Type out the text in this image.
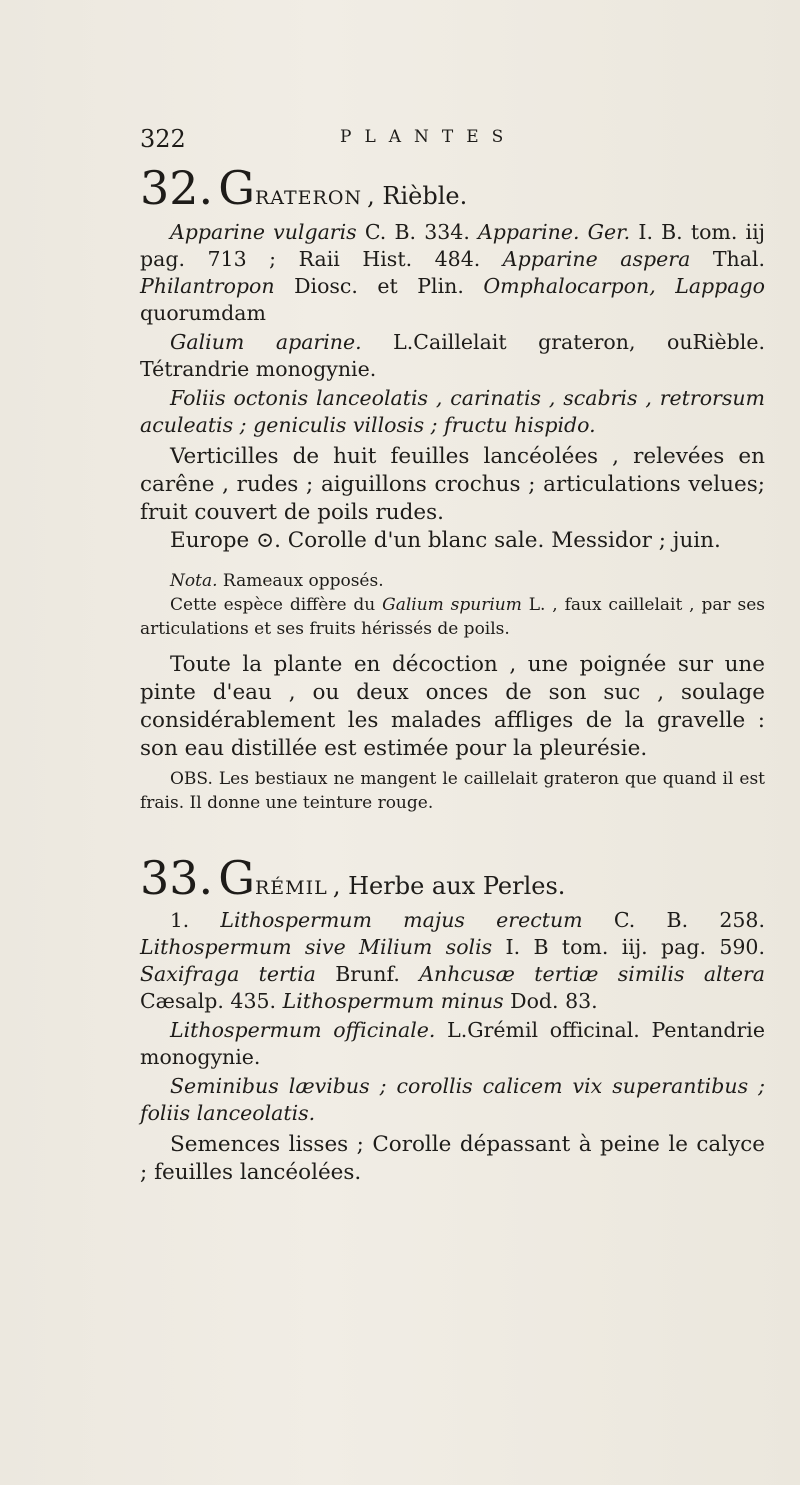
322	PLANTES
32. GRATERON , Rièble.

Apparine vulgaris C. B. 334. Apparine. Ger. I. B. tom. iij pag. 713 ; Raii Hist. 484. Apparine aspera Thal. Philantropon Diosc. et Plin. Omphalocarpon, Lappago quorumdam

Galium aparine. L.Caillelait grateron, ouRièble. Tétrandrie monogynie.

Foliis octonis lanceolatis , carinatis , scabris , retrorsum aculeatis ; geniculis villosis ; fructu hispido.

Verticilles de huit feuilles lancéolées , relevées en carêne , rudes ; aiguillons crochus ; articulations velues; fruit couvert de poils rudes.

Europe ⊙. Corolle d'un blanc sale. Messidor ; juin.

Nota. Rameaux opposés.

Cette espèce diffère du Galium spurium L. , faux caillelait , par ses articulations et ses fruits hérissés de poils.

Toute la plante en décoction , une poignée sur une pinte d'eau , ou deux onces de son suc , soulage considérablement les malades affliges de la gravelle : son eau distillée est estimée pour la pleurésie.

OBS. Les bestiaux ne mangent le caillelait grateron que quand il est frais. Il donne une teinture rouge.

33. GRÉMIL , Herbe aux Perles.

1. Lithospermum majus erectum C. B. 258. Lithospermum sive Milium solis I. B tom. iij. pag. 590. Saxifraga tertia Brunf. Anhcusæ tertiæ similis altera Cæsalp. 435. Lithospermum minus Dod. 83.

Lithospermum officinale. L.Grémil officinal. Pentandrie monogynie.

Seminibus lævibus ; corollis calicem vix superantibus ; foliis lanceolatis.

Semences lisses ; Corolle dépassant à peine le calyce ; feuilles lancéolées.
